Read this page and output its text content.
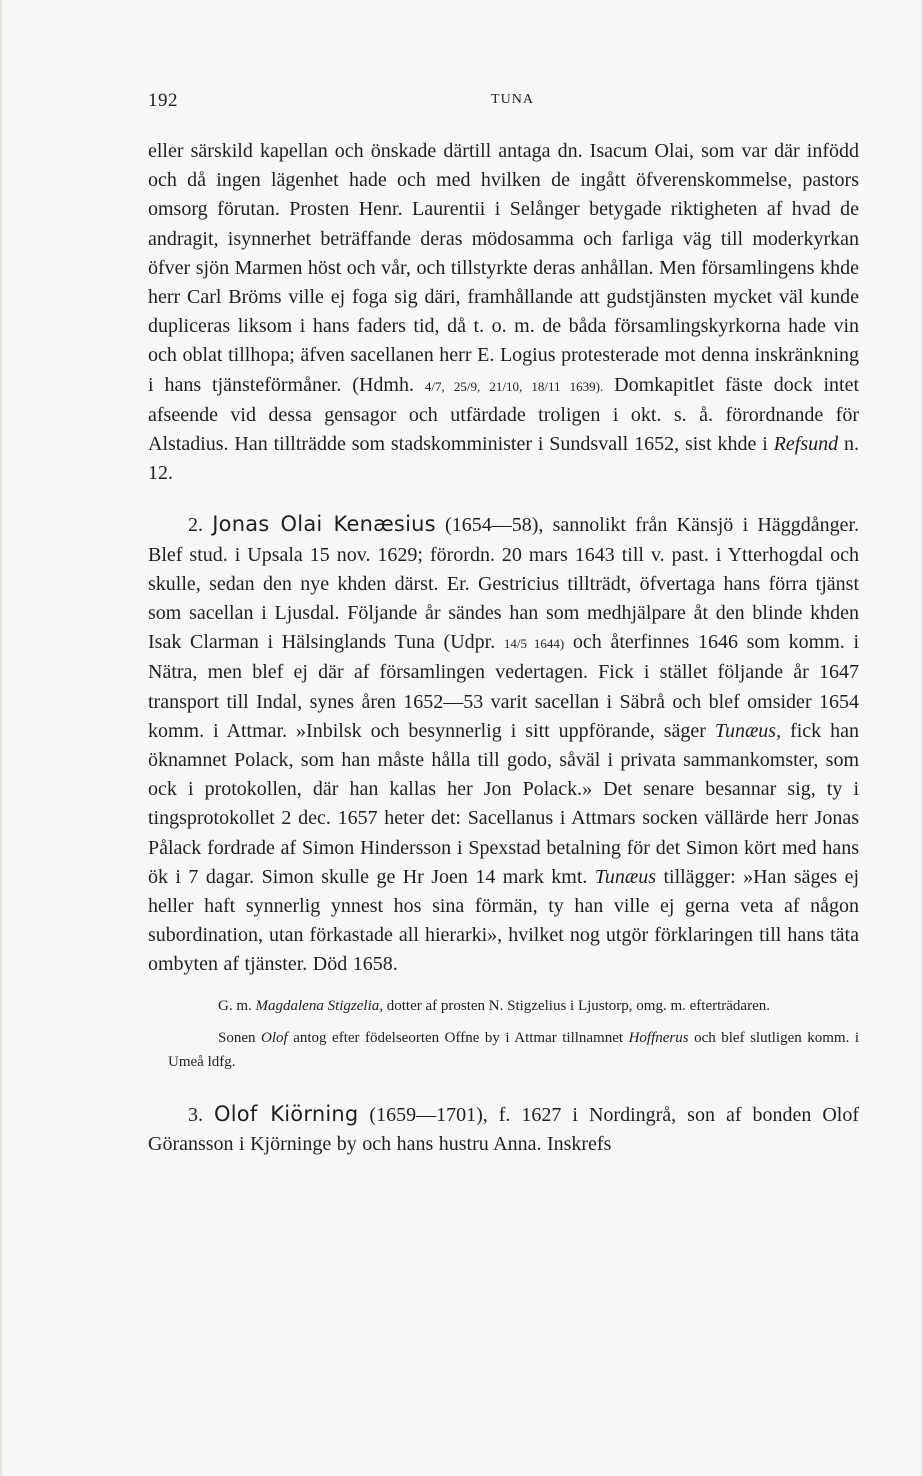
192	TUNA

eller särskild kapellan och önskade därtill antaga dn. Isacum Olai, som var där infödd och då ingen lägenhet hade och med hvilken de ingått öfverenskommelse, pastors omsorg förutan. Prosten Henr. Laurentii i Selånger betygade riktigheten af hvad de andragit, isynnerhet beträffande deras mödosamma och farliga väg till moderkyrkan öfver sjön Marmen höst och vår, och tillstyrkte deras anhållan. Men församlingens khde herr Carl Bröms ville ej foga sig däri, framhållande att gudstjänsten mycket väl kunde dupliceras liksom i hans faders tid, då t. o. m. de båda församlingskyrkorna hade vin och oblat tillhopa; äfven sacellanen herr E. Logius protesterade mot denna inskränkning i hans tjänsteförmåner. (Hdmh. 4/7, 25/9, 21/10, 18/11 1639). Domkapitlet fäste dock intet afseende vid dessa gensagor och utfärdade troligen i okt. s. å. förordnande för Alstadius. Han tillträdde som stadskomminister i Sundsvall 1652, sist khde i Refsund n. 12.

2. Jonas Olai Kenæsius (1654—58), sannolikt från Känsjö i Häggdånger. Blef stud. i Upsala 15 nov. 1629; förordn. 20 mars 1643 till v. past. i Ytterhogdal och skulle, sedan den nye khden därst. Er. Gestricius tillträdt, öfvertaga hans förra tjänst som sacellan i Ljusdal. Följande år sändes han som medhjälpare åt den blinde khden Isak Clarman i Hälsinglands Tuna (Udpr. 14/5 1644) och återfinnes 1646 som komm. i Nätra, men blef ej där af församlingen vedertagen. Fick i stället följande år 1647 transport till Indal, synes åren 1652—53 varit sacellan i Säbrå och blef omsider 1654 komm. i Attmar. »Inbilsk och besynnerlig i sitt uppförande, säger Tunæus, fick han öknamnet Polack, som han måste hålla till godo, såväl i privata sammankomster, som ock i protokollen, där han kallas her Jon Polack.» Det senare besannar sig, ty i tingsprotokollet 2 dec. 1657 heter det: Sacellanus i Attmars socken vällärde herr Jonas Pålack fordrade af Simon Hindersson i Spexstad betalning för det Simon kört med hans ök i 7 dagar. Simon skulle ge Hr Joen 14 mark kmt. Tunæus tillägger: »Han säges ej heller haft synnerlig ynnest hos sina förmän, ty han ville ej gerna veta af någon subordination, utan förkastade all hierarki», hvilket nog utgör förklaringen till hans täta ombyten af tjänster. Död 1658.

G. m. Magdalena Stigzelia, dotter af prosten N. Stigzelius i Ljustorp, omg. m. efterträdaren.

Sonen Olof antog efter födelseorten Offne by i Attmar tillnamnet Hoffnerus och blef slutligen komm. i Umeå ldfg.

3. Olof Kiörning (1659—1701), f. 1627 i Nordingrå, son af bonden Olof Göransson i Kjörninge by och hans hustru Anna. Inskrefs
